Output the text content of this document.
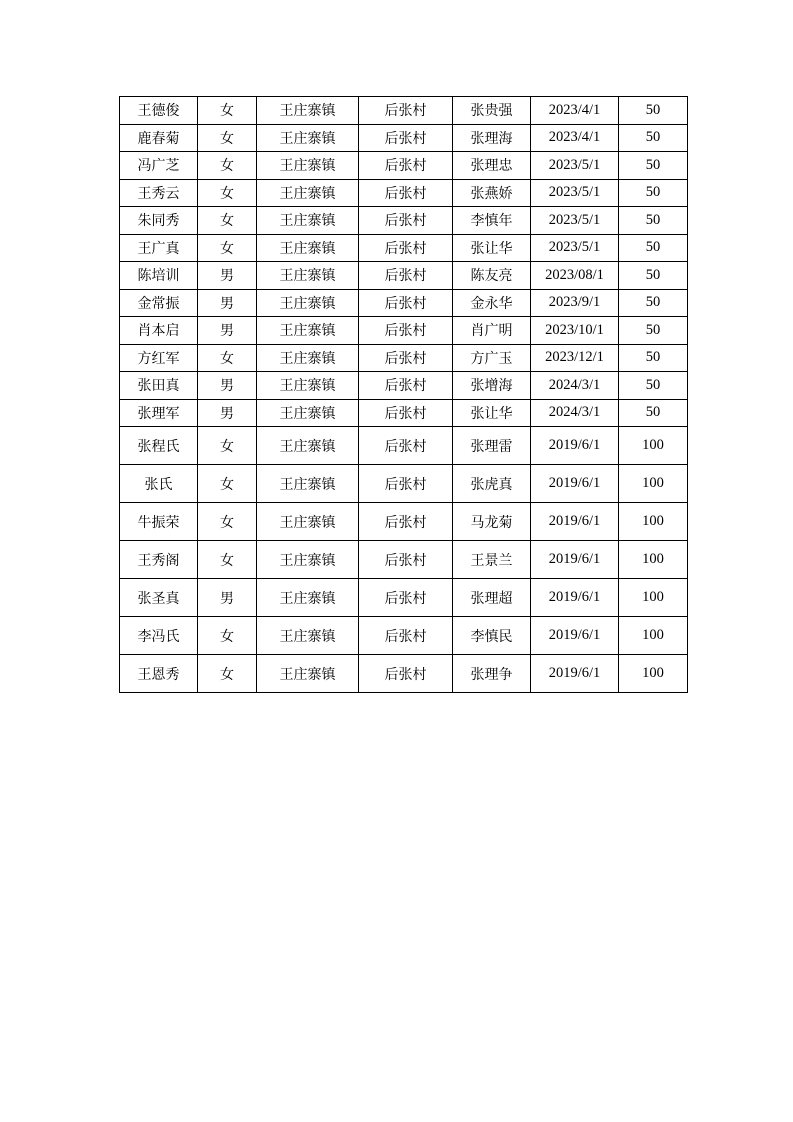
王德俊	女	王庄寨镇	后张村	张贵强	2023/4/1	50
鹿春菊	女	王庄寨镇	后张村	张理海	2023/4/1	50
冯广芝	女	王庄寨镇	后张村	张理忠	2023/5/1	50
王秀云	女	王庄寨镇	后张村	张燕娇	2023/5/1	50
朱同秀	女	王庄寨镇	后张村	李慎年	2023/5/1	50
王广真	女	王庄寨镇	后张村	张让华	2023/5/1	50
陈培训	男	王庄寨镇	后张村	陈友亮	2023/08/1	50
金常振	男	王庄寨镇	后张村	金永华	2023/9/1	50
肖本启	男	王庄寨镇	后张村	肖广明	2023/10/1	50
方红军	女	王庄寨镇	后张村	方广玉	2023/12/1	50
张田真	男	王庄寨镇	后张村	张增海	2024/3/1	50
张理军	男	王庄寨镇	后张村	张让华	2024/3/1	50
张程氏	女	王庄寨镇	后张村	张理雷	2019/6/1	100
张氏	女	王庄寨镇	后张村	张虎真	2019/6/1	100
牛振荣	女	王庄寨镇	后张村	马龙菊	2019/6/1	100
王秀阁	女	王庄寨镇	后张村	王景兰	2019/6/1	100
张圣真	男	王庄寨镇	后张村	张理超	2019/6/1	100
李冯氏	女	王庄寨镇	后张村	李慎民	2019/6/1	100
王恩秀	女	王庄寨镇	后张村	张理争	2019/6/1	100
